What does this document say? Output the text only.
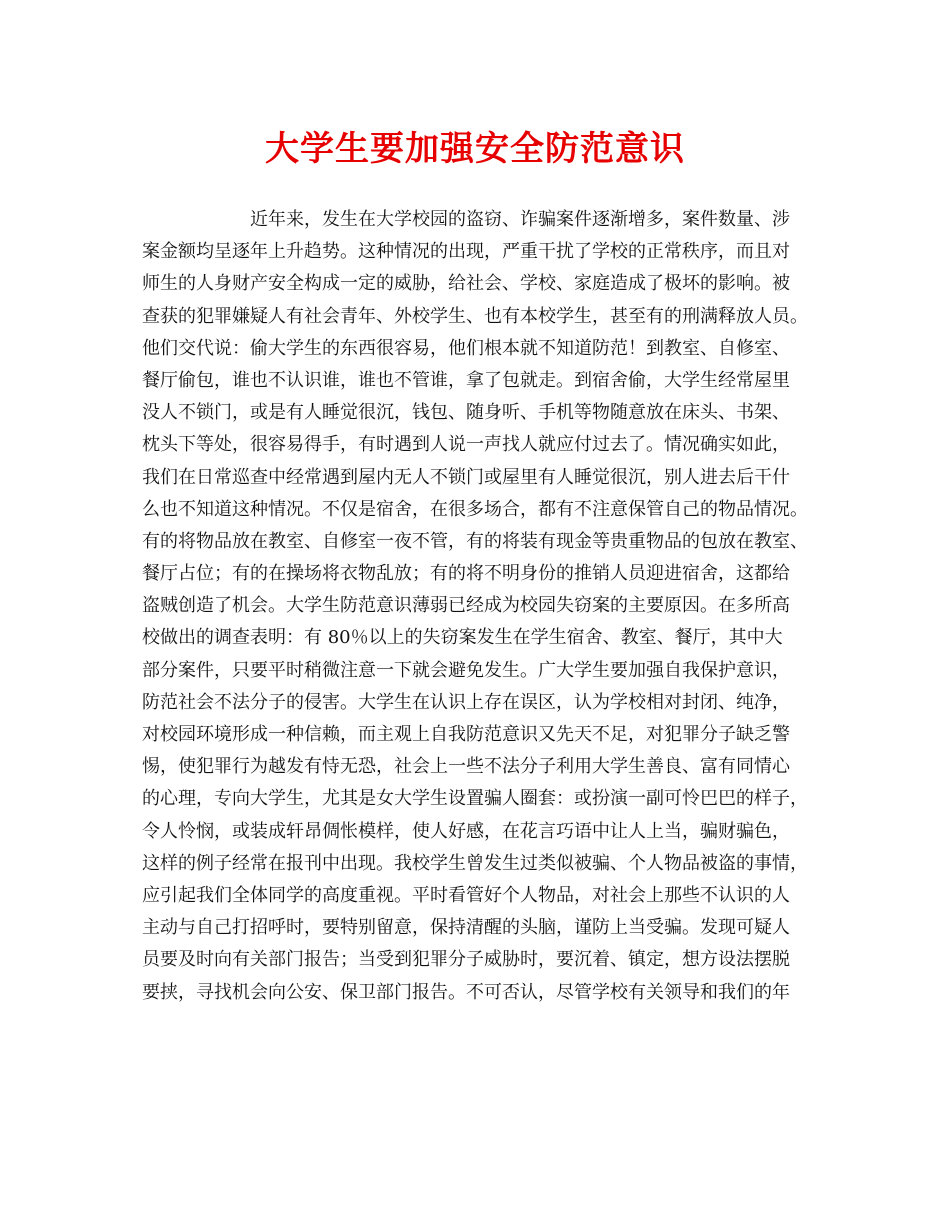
大学生要加强安全防范意识
近年来，发生在大学校园的盗窃、诈骗案件逐渐增多，案件数量、涉
案金额均呈逐年上升趋势。这种情况的出现，严重干扰了学校的正常秩序，而且对
师生的人身财产安全构成一定的威胁，给社会、学校、家庭造成了极坏的影响。被
查获的犯罪嫌疑人有社会青年、外校学生、也有本校学生，甚至有的刑满释放人员。
他们交代说：偷大学生的东西很容易，他们根本就不知道防范！到教室、自修室、
餐厅偷包，谁也不认识谁，谁也不管谁，拿了包就走。到宿舍偷，大学生经常屋里
没人不锁门，或是有人睡觉很沉，钱包、随身听、手机等物随意放在床头、书架、
枕头下等处，很容易得手，有时遇到人说一声找人就应付过去了。情况确实如此，
我们在日常巡查中经常遇到屋内无人不锁门或屋里有人睡觉很沉，别人进去后干什
么也不知道这种情况。不仅是宿舍，在很多场合，都有不注意保管自己的物品情况。
有的将物品放在教室、自修室一夜不管，有的将装有现金等贵重物品的包放在教室、
餐厅占位；有的在操场将衣物乱放；有的将不明身份的推销人员迎进宿舍，这都给
盗贼创造了机会。大学生防范意识薄弱已经成为校园失窃案的主要原因。在多所高
校做出的调查表明：有 80％以上的失窃案发生在学生宿舍、教室、餐厅，其中大
部分案件，只要平时稍微注意一下就会避免发生。广大学生要加强自我保护意识，
防范社会不法分子的侵害。大学生在认识上存在误区，认为学校相对封闭、纯净，
对校园环境形成一种信赖，而主观上自我防范意识又先天不足，对犯罪分子缺乏警
惕，使犯罪行为越发有恃无恐，社会上一些不法分子利用大学生善良、富有同情心
的心理，专向大学生，尤其是女大学生设置骗人圈套：或扮演一副可怜巴巴的样子，
令人怜悯，或装成轩昂倜怅模样，使人好感，在花言巧语中让人上当，骗财骗色，
这样的例子经常在报刊中出现。我校学生曾发生过类似被骗、个人物品被盗的事情，
应引起我们全体同学的高度重视。平时看管好个人物品，对社会上那些不认识的人
主动与自己打招呼时，要特别留意，保持清醒的头脑，谨防上当受骗。发现可疑人
员要及时向有关部门报告；当受到犯罪分子威胁时，要沉着、镇定，想方设法摆脱
要挟，寻找机会向公安、保卫部门报告。不可否认，尽管学校有关领导和我们的年
